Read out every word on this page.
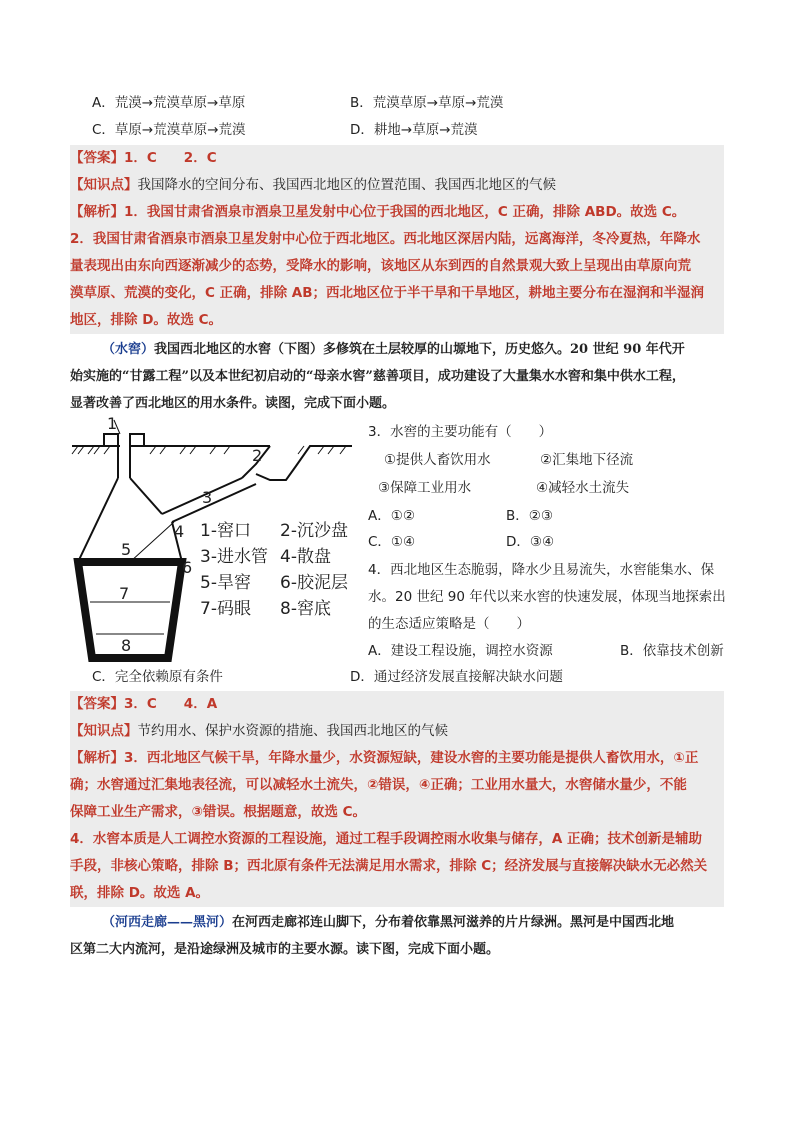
A．荒漠→荒漠草原→草原	B．荒漠草原→草原→荒漠
C．草原→荒漠草原→荒漠	D．耕地→草原→荒漠
【答案】1．C　　2．C
【知识点】我国降水的空间分布、我国西北地区的位置范围、我国西北地区的气候
【解析】1．我国甘肃省酒泉市酒泉卫星发射中心位于我国的西北地区，C 正确，排除 ABD。故选 C。
2．我国甘肃省酒泉市酒泉卫星发射中心位于西北地区。西北地区深居内陆，远离海洋，冬冷夏热，年降水
量表现出由东向西逐渐减少的态势，受降水的影响，该地区从东到西的自然景观大致上呈现出由草原向荒
漠草原、荒漠的变化，C 正确，排除 AB；西北地区位于半干旱和干旱地区，耕地主要分布在湿润和半湿润
地区，排除 D。故选 C。
（水窖）我国西北地区的水窖（下图）多修筑在土层较厚的山塬地下，历史悠久。20 世纪 90 年代开
始实施的“甘露工程”以及本世纪初启动的“母亲水窖”慈善项目，成功建设了大量集水水窖和集中供水工程，
显著改善了西北地区的用水条件。读图，完成下面小题。
1
2
3
4
5
6
7
8
1-窖口 2-沉沙盘
3-进水管 4-散盘
5-旱窖 6-胶泥层
7-码眼 8-窖底
3．水窖的主要功能有（　　）
①提供人畜饮用水	②汇集地下径流
③保障工业用水	④减轻水土流失
A．①②	B．②③
C．①④	D．③④
4．西北地区生态脆弱，降水少且易流失，水窖能集水、保
水。20 世纪 90 年代以来水窖的快速发展，体现当地探索出
的生态适应策略是（　　）
A．建设工程设施，调控水资源	B．依靠技术创新
C．完全依赖原有条件	D．通过经济发展直接解决缺水问题
【答案】3．C　　4．A
【知识点】节约用水、保护水资源的措施、我国西北地区的气候
【解析】3．西北地区气候干旱，年降水量少，水资源短缺，建设水窖的主要功能是提供人畜饮用水，①正
确；水窖通过汇集地表径流，可以减轻水土流失，②错误，④正确；工业用水量大，水窖储水量少，不能
保障工业生产需求，③错误。根据题意，故选 C。
4．水窖本质是人工调控水资源的工程设施，通过工程手段调控雨水收集与储存，A 正确；技术创新是辅助
手段，非核心策略，排除 B；西北原有条件无法满足用水需求，排除 C；经济发展与直接解决缺水无必然关
联，排除 D。故选 A。
（河西走廊——黑河）在河西走廊祁连山脚下，分布着依靠黑河滋养的片片绿洲。黑河是中国西北地
区第二大内流河，是沿途绿洲及城市的主要水源。读下图，完成下面小题。
